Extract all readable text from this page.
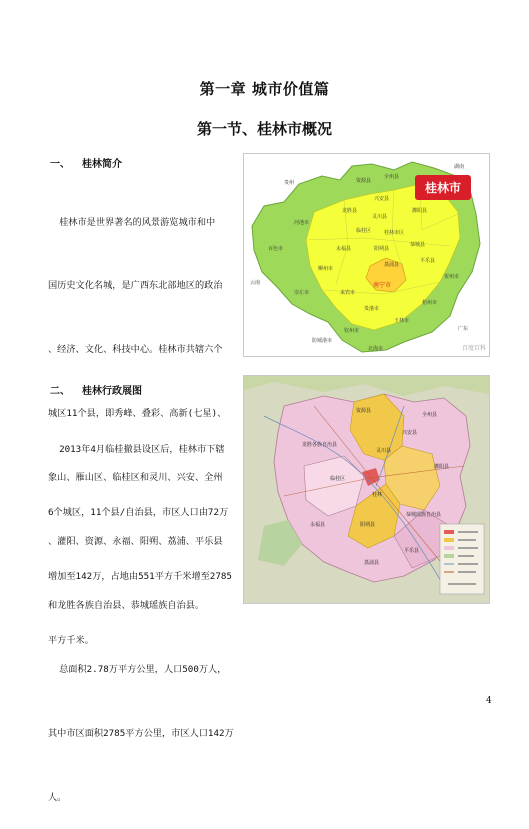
第一章 城市价值篇
第一节、桂林市概况
一、 桂林简介

桂林市是世界著名的风景游览城市和中

国历史文化名城，是广西东北部地区的政治

、经济、文化、科技中心。桂林市共辖六个

城区11个县，即秀峰、叠彩、高新(七星)、

象山、雁山区、临桂区和灵川、兴安、全州

、灌阳、资源、永福、阳朔、荔浦、平乐县

和龙胜各族自治县、恭城瑶族自治县。

总面积2.78万平方公里，人口500万人，

其中市区面积2785平方公里，市区人口142万

人。

二、 桂林行政展图

2013年4月临桂撤县设区后，桂林市下辖

6个城区，11个县/自治县，市区人口由72万

增加至142万，占地由551平方千米增至2785

平方千米。

桂林市
南宁市
资源县
全州县
兴安县
龙胜县
灵川县
灌阳县
临桂区	桂林市区
永福县	阳朔县
恭城县
荔浦县
平乐县
柳州市
贺州市
梧州市
百色市
河池市
来宾市
玉林市
贵港市
钦州市
崇左市
防城港市
北海市
湖南
广东
云南
贵州
百度百科
全州县
资源县
兴安县
龙胜各族自治县
灵川县
灌阳县
临桂区
桂林
恭城瑶族自治县
阳朔县
永福县
平乐县
荔浦县
4
